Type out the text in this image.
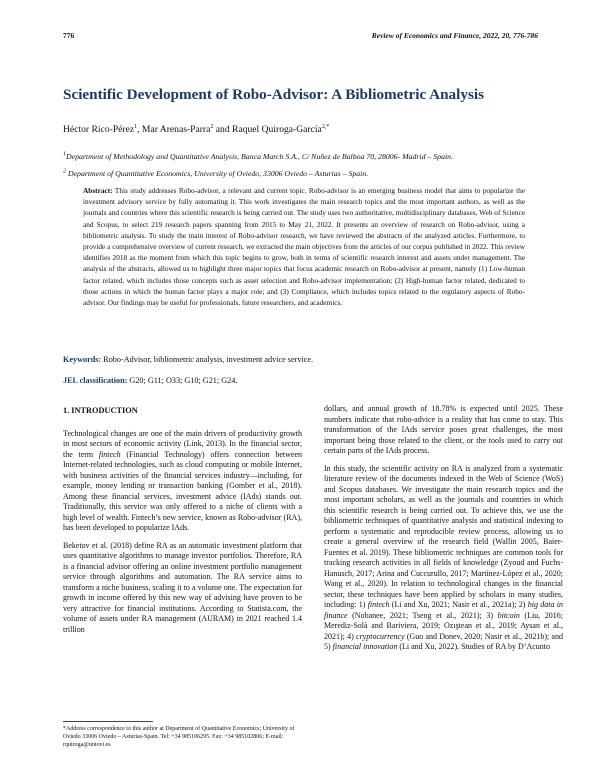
776	Review of Economics and Finance, 2022, 20, 776-786
Scientific Development of Robo-Advisor: A Bibliometric Analysis
Héctor Rico-Pérez$^1$, Mar Arenas-Parra$^2$ and Raquel Quiroga-García$^{2,*}$
$^1$Department of Methodology and Quantitative Analysis, Banca March S.A., C/ Nuñez de Balboa 70, 28006- Madrid – Spain.
$^2$ Department of Quantitative Economics, University of Oviedo, 33006 Oviedo – Asturias – Spain.

Abstract: This study addresses Robo-advisor, a relevant and current topic. Robo-advisor is an emerging business model that aims to popularize the investment advisory service by fully automating it. This work investigates the main research topics and the most important authors, as well as the journals and countries where this scientific research is being carried out. The study uses two authoritative, multidisciplinary databases, Web of Science and Scopus, to select 219 research papers spanning from 2015 to May 21, 2022. It presents an overview of research on Robo-advisor, using a bibliometric analysis. To study the main interest of Robo-advisor research, we have reviewed the abstracts of the analyzed articles. Furthermore, to provide a comprehensive overview of current research, we extracted the main objectives from the articles of our corpus published in 2022. This review identifies 2018 as the moment from which this topic begins to grow, both in terms of scientific research interest and assets under management. The analysis of the abstracts, allowed us to highlight three major topics that focus academic research on Robo-advisor at present, namely (1) Low-human factor related, which includes those concepts such as asset selection and Robo-advisor implementation; (2) High-human factor related, dedicated to those actions in which the human factor plays a major role; and (3) Compliance, which includes topics related to the regulatory aspects of Robo-advisor. Our findings may be useful for professionals, future researchers, and academics.

Keywords: Robo-Advisor, bibliometric analysis, investment advice service.
JEL classification: G20; G11; O33; G10; G21; G24.
1. INTRODUCTION

Technological changes are one of the main drivers of productivity growth in most sectors of economic activity (Link, 2013). In the financial sector, the term fintech (Financial Technology) offers connection between Internet-related technologies, such as cloud computing or mobile Internet, with business activities of the financial services industry—including, for example, money lending or transaction banking (Gomber et al., 2018). Among these financial services, investment advice (IAds) stands out. Traditionally, this service was only offered to a niche of clients with a high level of wealth. Fintech’s new service, known as Robo-advisor (RA), has been developed to popularize IAds.

Beketov et al. (2018) define RA as an automatic investment platform that uses quantitative algorithms to manage investor portfolios. Therefore, RA is a financial advisor offering an online investment portfolio management service through algorithms and automation. The RA service aims to transform a niche business, scaling it to a volume one. The expectation for growth in income offered by this new way of advising have proven to be very attractive for financial institutions. According to Statista.com, the volume of assets under RA management (AURAM) in 2021 reached 1.4 trillion

dollars, and annual growth of 18.78% is expected until 2025. These numbers indicate that robo-advice is a reality that has come to stay. This transformation of the IAds service poses great challenges, the most important being those related to the client, or the tools used to carry out certain parts of the IAds process.

In this study, the scientific activity on RA is analyzed from a systematic literature review of the documents indexed in the Web of Science (WoS) and Scopus databases. We investigate the main research topics and the most important scholars, as well as the journals and countries in which this scientific research is being carried out. To achieve this, we use the bibliometric techniques of quantitative analysis and statistical indexing to perform a systematic and reproducible review process, allowing us to create a general overview of the research field (Wallin 2005, Baier-Fuentes et al. 2019). These bibliometric techniques are common tools for tracking research activities in all fields of knowledge (Zyoud and Fuchs-Hanusch, 2017; Arina and Cuccurullo, 2017; Martínez-López et al., 2020; Wang et al., 2020). In relation to technological changes in the financial sector, these techniques have been applied by scholars in many studies, including: 1) fintech (Li and Xu, 2021; Nasir et al., 2021a); 2) big data in finance (Nobanee, 2021; Tseng et al., 2021); 3) bitcoin (Liu, 2016; Merediz-Solà and Bariviera, 2019; Ozıştean et al., 2019; Aysan et al., 2021); 4) cryptocurrency (Guo and Donev, 2020; Nasir et al., 2021b); and 5) financial innovation (Li and Xu, 2022). Studies of RA by D’Acunto

*Address correspondence to this author at Department of Quantitative Economics; University of Oviedo 33006 Oviedo – Asturias-Spain. Tel: +34 985106295. Fax: +34 985102806; E-mail: rquiroga@uniovi.es
